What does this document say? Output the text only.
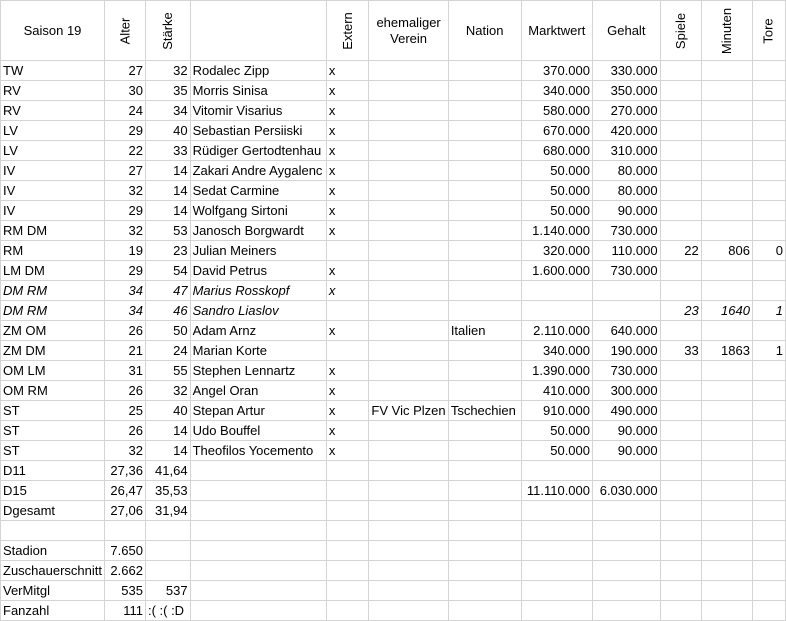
Saison 19	Alter	Stärke		Extern	ehemaliger Verein	Nation	Marktwert	Gehalt	Spiele	Minuten	Tore
TW	27	32	Rodalec Zipp	x			370.000	330.000			
RV	30	35	Morris Sinisa	x			340.000	350.000			
RV	24	34	Vitomir Visarius	x			580.000	270.000			
LV	29	40	Sebastian Persiiski	x			670.000	420.000			
LV	22	33	Rüdiger Gertodtenhau	x			680.000	310.000			
IV	27	14	Zakari Andre Aygalenc	x			50.000	80.000			
IV	32	14	Sedat Carmine	x			50.000	80.000			
IV	29	14	Wolfgang Sirtoni	x			50.000	90.000			
RM DM	32	53	Janosch Borgwardt	x			1.140.000	730.000			
RM	19	23	Julian Meiners				320.000	110.000	22	806	0
LM DM	29	54	David Petrus	x			1.600.000	730.000			
DM RM	34	47	Marius Rosskopf	x							
DM RM	34	46	Sandro Liaslov						23	1640	1
ZM OM	26	50	Adam Arnz	x		Italien	2.110.000	640.000			
ZM DM	21	24	Marian Korte				340.000	190.000	33	1863	1
OM LM	31	55	Stephen Lennartz	x			1.390.000	730.000			
OM RM	26	32	Angel Oran	x			410.000	300.000			
ST	25	40	Stepan Artur	x	FV Vic Plzen	Tschechien	910.000	490.000			
ST	26	14	Udo Bouffel	x			50.000	90.000			
ST	32	14	Theofilos Yocemento	x			50.000	90.000			
D11	27,36	41,64									
D15	26,47	35,53					11.110.000	6.030.000			
Dgesamt	27,06	31,94									

Stadion	7.650										
Zuschauerschnitt	2.662										
VerMitgl	535	537									
Fanzahl	111	:( :( :D									
